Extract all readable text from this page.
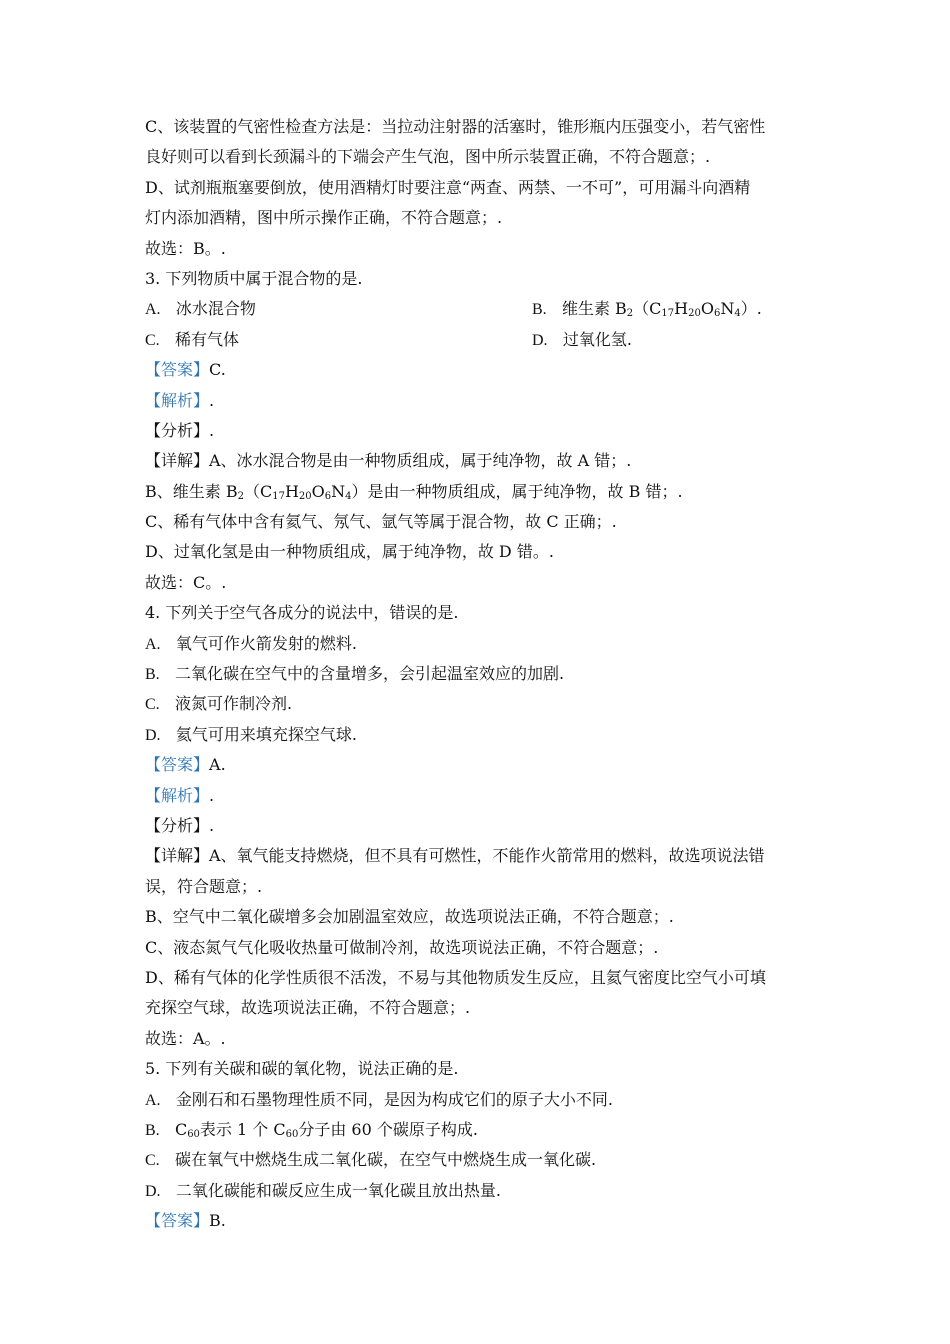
C、该装置的气密性检查方法是：当拉动注射器的活塞时，锥形瓶内压强变小，若气密性
良好则可以看到长颈漏斗的下端会产生气泡，图中所示装置正确，不符合题意；.
D、试剂瓶瓶塞要倒放，使用酒精灯时要注意“两查、两禁、一不可”，可用漏斗向酒精
灯内添加酒精，图中所示操作正确，不符合题意；.
故选：B。.
3. 下列物质中属于混合物的是.
A. 冰水混合物	B. 维生素 $B_2(C_{17}H_{20}O_6N_4)$.
C. 稀有气体	D. 过氧化氢.
【答案】C.
【解析】.
【分析】.
【详解】A、冰水混合物是由一种物质组成，属于纯净物，故 A 错；.
B、维生素 $B_2(C_{17}H_{20}O_6N_4)$是由一种物质组成，属于纯净物，故 B 错；.
C、稀有气体中含有氦气、氖气、氩气等属于混合物，故 C 正确；.
D、过氧化氢是由一种物质组成，属于纯净物，故 D 错。.
故选：C。.
4. 下列关于空气各成分的说法中，错误的是.
A. 氧气可作火箭发射的燃料.
B. 二氧化碳在空气中的含量增多，会引起温室效应的加剧.
C. 液氮可作制冷剂.
D. 氦气可用来填充探空气球.
【答案】A.
【解析】.
【分析】.
【详解】A、氧气能支持燃烧，但不具有可燃性，不能作火箭常用的燃料，故选项说法错
误，符合题意；.
B、空气中二氧化碳增多会加剧温室效应，故选项说法正确，不符合题意；.
C、液态氮气气化吸收热量可做制冷剂，故选项说法正确，不符合题意；.
D、稀有气体的化学性质很不活泼，不易与其他物质发生反应，且氦气密度比空气小可填
充探空气球，故选项说法正确，不符合题意；.
故选：A。.
5. 下列有关碳和碳的氧化物，说法正确的是.
A. 金刚石和石墨物理性质不同，是因为构成它们的原子大小不同.
B. $C_{60}$表示 1 个 $C_{60}$分子由 60 个碳原子构成.
C. 碳在氧气中燃烧生成二氧化碳，在空气中燃烧生成一氧化碳.
D. 二氧化碳能和碳反应生成一氧化碳且放出热量.
【答案】B.
